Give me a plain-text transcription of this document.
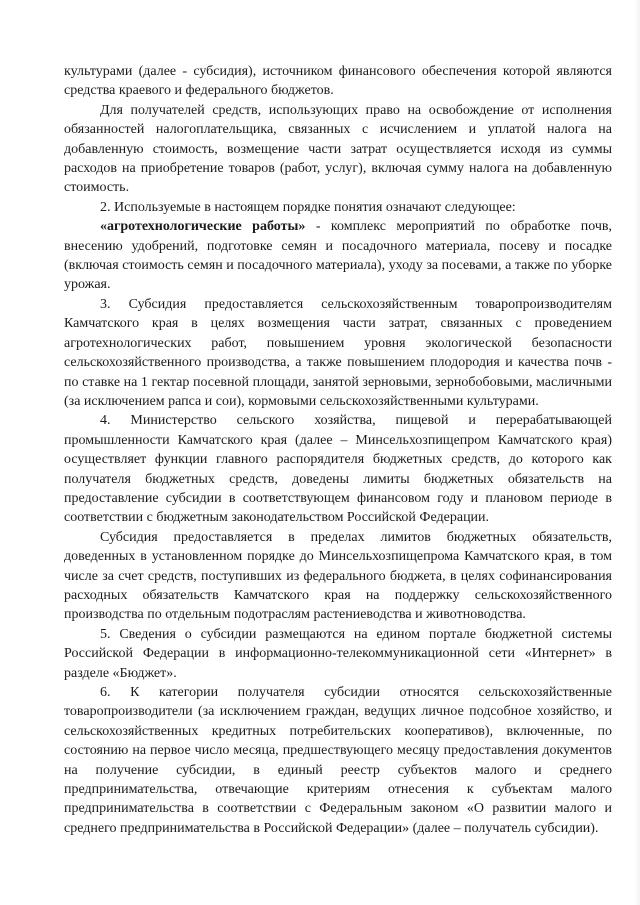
культурами (далее - субсидия), источником финансового обеспечения которой являются средства краевого и федерального бюджетов.

Для получателей средств, использующих право на освобождение от исполнения обязанностей налогоплательщика, связанных с исчислением и уплатой налога на добавленную стоимость, возмещение части затрат осуществляется исходя из суммы расходов на приобретение товаров (работ, услуг), включая сумму налога на добавленную стоимость.

2. Используемые в настоящем порядке понятия означают следующее:

«агротехнологические работы» - комплекс мероприятий по обработке почв, внесению удобрений, подготовке семян и посадочного материала, посеву и посадке (включая стоимость семян и посадочного материала), уходу за посевами, а также по уборке урожая.

3. Субсидия предоставляется сельскохозяйственным товаропроизводителям Камчатского края в целях возмещения части затрат, связанных с проведением агротехнологических работ, повышением уровня экологической безопасности сельскохозяйственного производства, а также повышением плодородия и качества почв - по ставке на 1 гектар посевной площади, занятой зерновыми, зернобобовыми, масличными (за исключением рапса и сои), кормовыми сельскохозяйственными культурами.

4. Министерство сельского хозяйства, пищевой и перерабатывающей промышленности Камчатского края (далее – Минсельхозпищепром Камчатского края) осуществляет функции главного распорядителя бюджетных средств, до которого как получателя бюджетных средств, доведены лимиты бюджетных обязательств на предоставление субсидии в соответствующем финансовом году и плановом периоде в соответствии с бюджетным законодательством Российской Федерации.

Субсидия предоставляется в пределах лимитов бюджетных обязательств, доведенных в установленном порядке до Минсельхозпищепрома Камчатского края, в том числе за счет средств, поступивших из федерального бюджета, в целях софинансирования расходных обязательств Камчатского края на поддержку сельскохозяйственного производства по отдельным подотраслям растениеводства и животноводства.

5. Сведения о субсидии размещаются на едином портале бюджетной системы Российской Федерации в информационно-телекоммуникационной сети «Интернет» в разделе «Бюджет».

6. К категории получателя субсидии относятся сельскохозяйственные товаропроизводители (за исключением граждан, ведущих личное подсобное хозяйство, и сельскохозяйственных кредитных потребительских кооперативов), включенные, по состоянию на первое число месяца, предшествующего месяцу предоставления документов на получение субсидии, в единый реестр субъектов малого и среднего предпринимательства, отвечающие критериям отнесения к субъектам малого предпринимательства в соответствии с Федеральным законом «О развитии малого и среднего предпринимательства в Российской Федерации» (далее – получатель субсидии).
